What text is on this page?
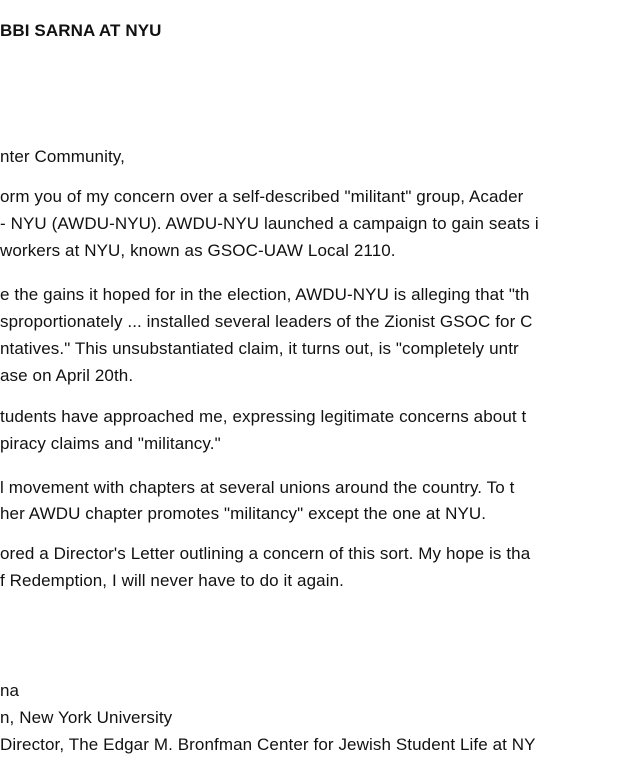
BBI SARNA AT NYU
nter Community,
orm you of my concern over a self-described "militant" group, Acader
- NYU (AWDU-NYU). AWDU-NYU launched a campaign to gain seats i
workers at NYU, known as GSOC-UAW Local 2110.
e the gains it hoped for in the election, AWDU-NYU is alleging that "th
sproportionately ... installed several leaders of the Zionist GSOC for C
ntatives." This unsubstantiated claim, it turns out, is "completely untr
ase on April 20th.
tudents have approached me, expressing legitimate concerns about t
piracy claims and "militancy."
l movement with chapters at several unions around the country. To t
her AWDU chapter promotes "militancy" except the one at NYU.
ored a Director's Letter outlining a concern of this sort. My hope is tha
f Redemption, I will never have to do it again.
na
n, New York University
Director, The Edgar M. Bronfman Center for Jewish Student Life at NY
